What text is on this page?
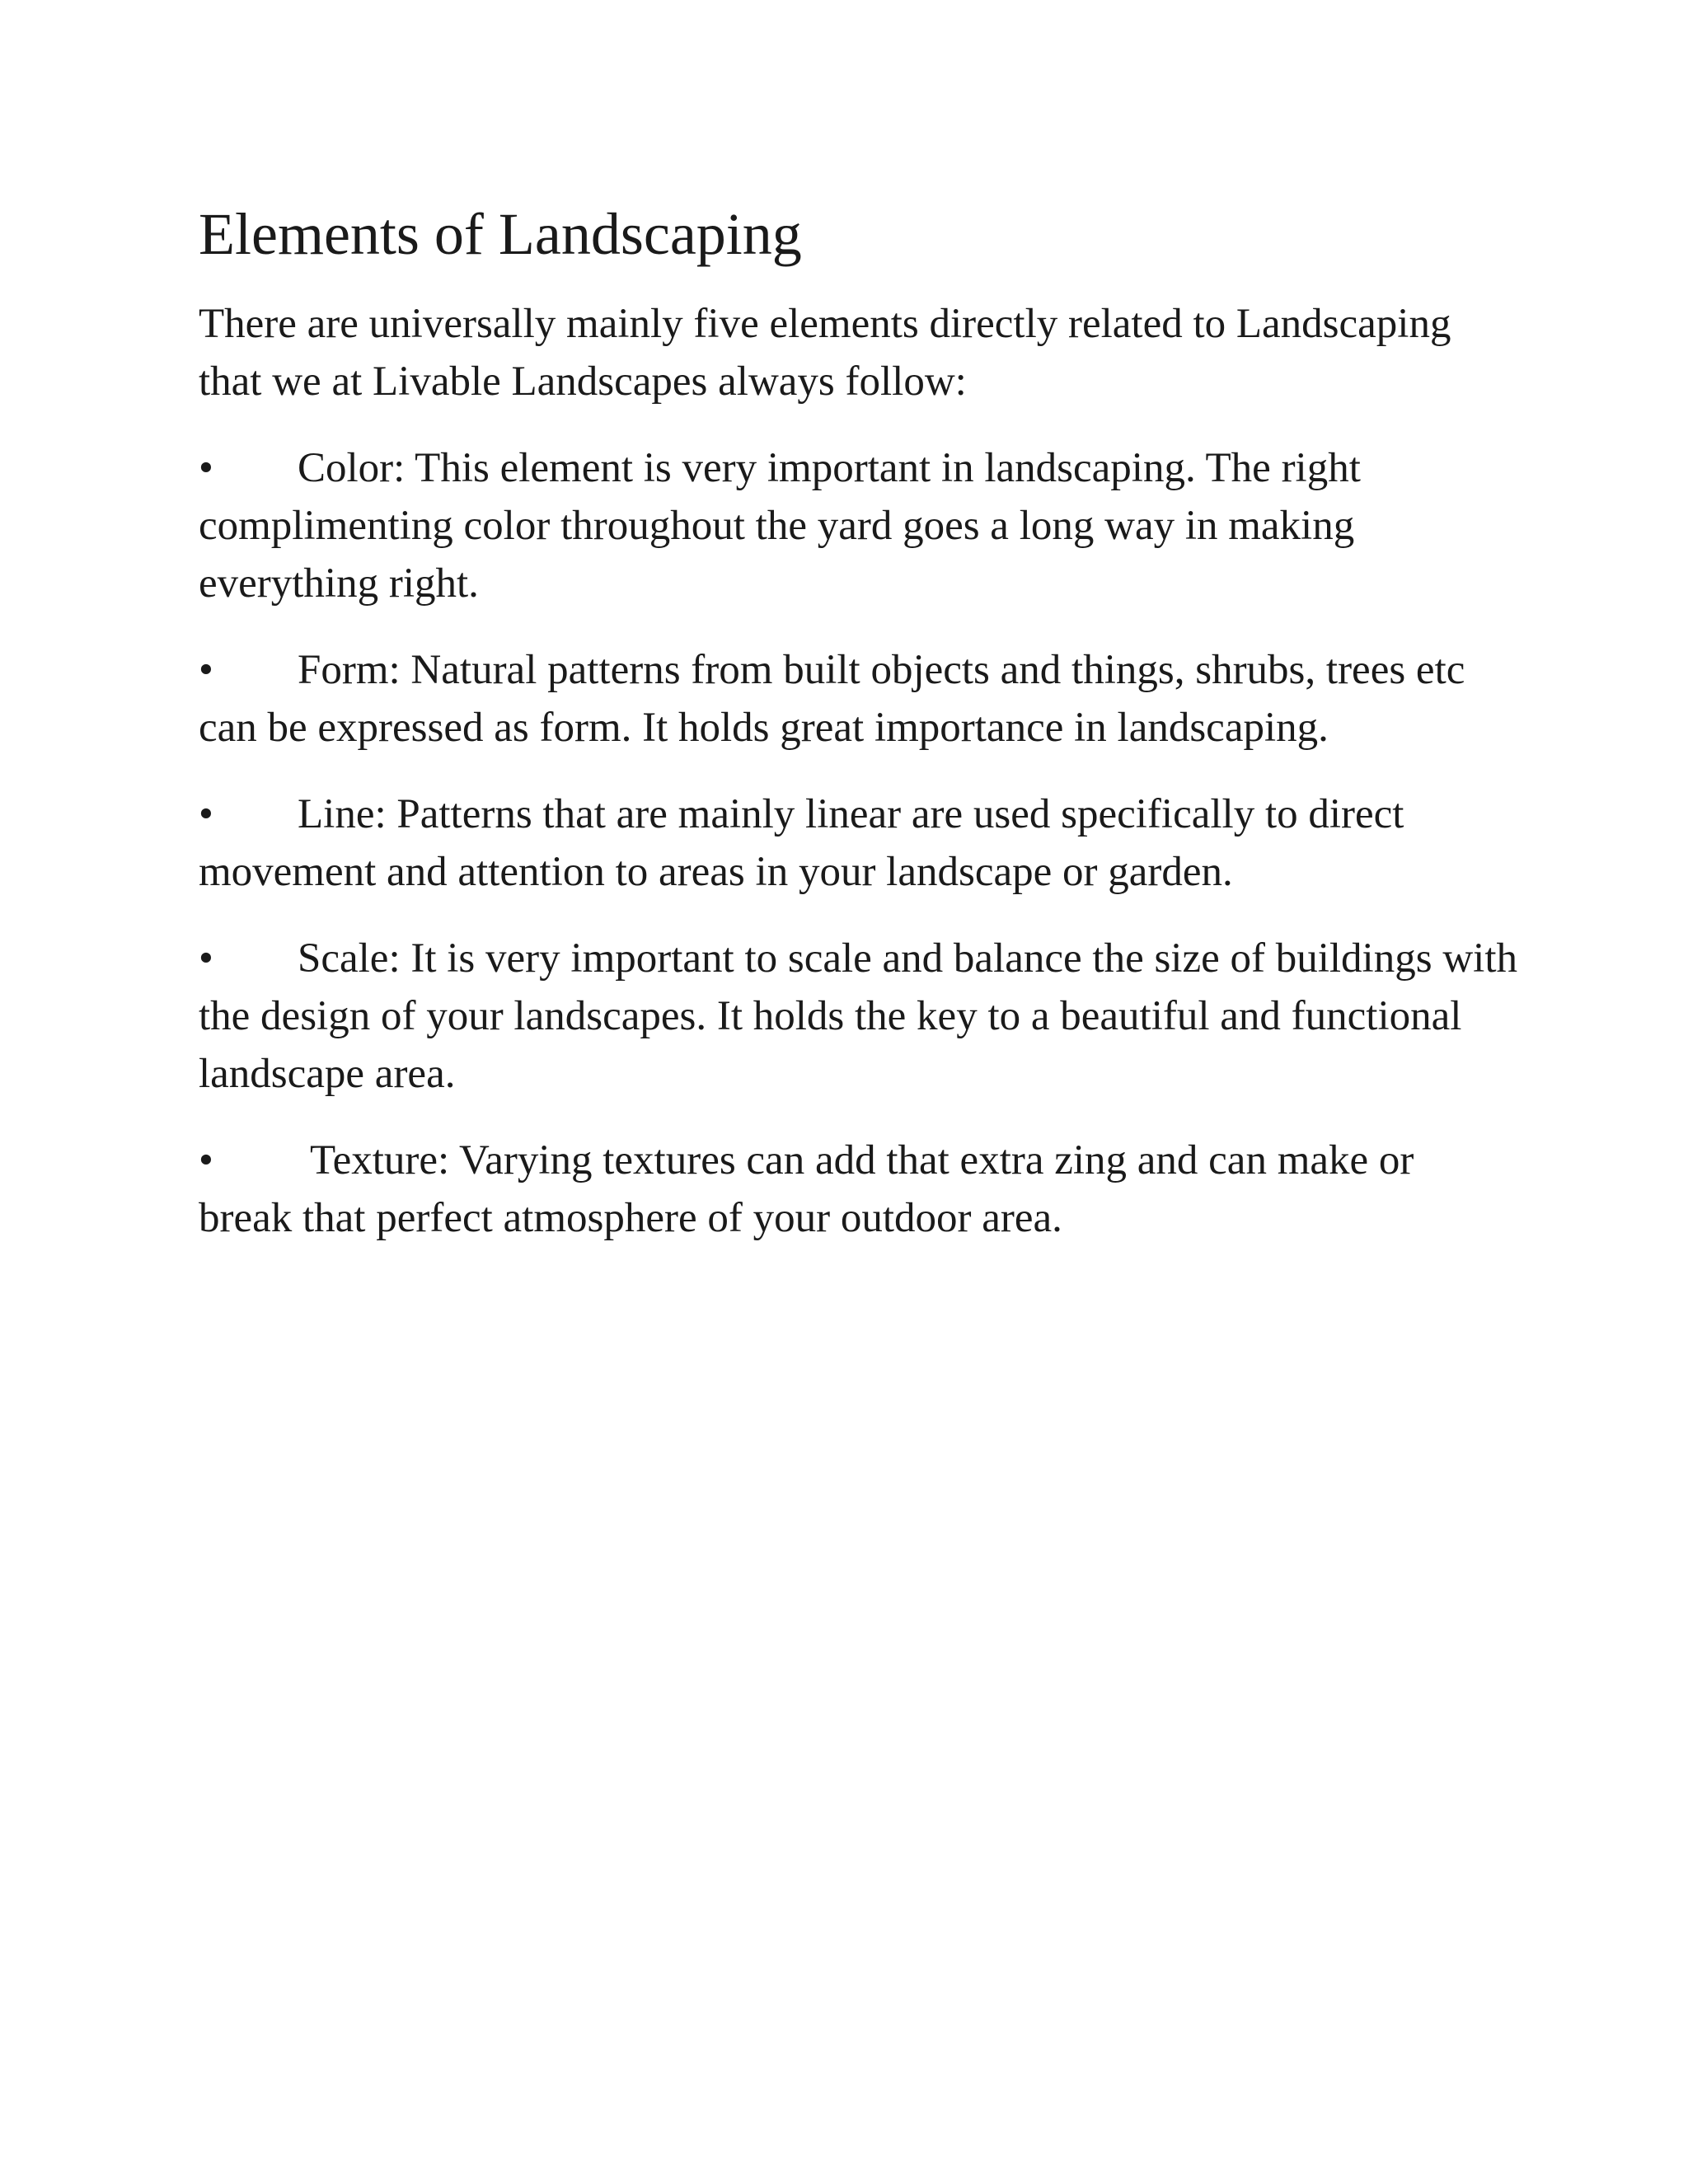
Elements of Landscaping

There are universally mainly five elements directly related to Landscaping that we at Livable Landscapes always follow:

• Color: This element is very important in landscaping. The right complimenting color throughout the yard goes a long way in making everything right.
• Form: Natural patterns from built objects and things, shrubs, trees etc can be expressed as form. It holds great importance in landscaping.
• Line: Patterns that are mainly linear are used specifically to direct movement and attention to areas in your landscape or garden.
• Scale: It is very important to scale and balance the size of buildings with the design of your landscapes. It holds the key to a beautiful and functional landscape area.
• Texture: Varying textures can add that extra zing and can make or break that perfect atmosphere of your outdoor area.
